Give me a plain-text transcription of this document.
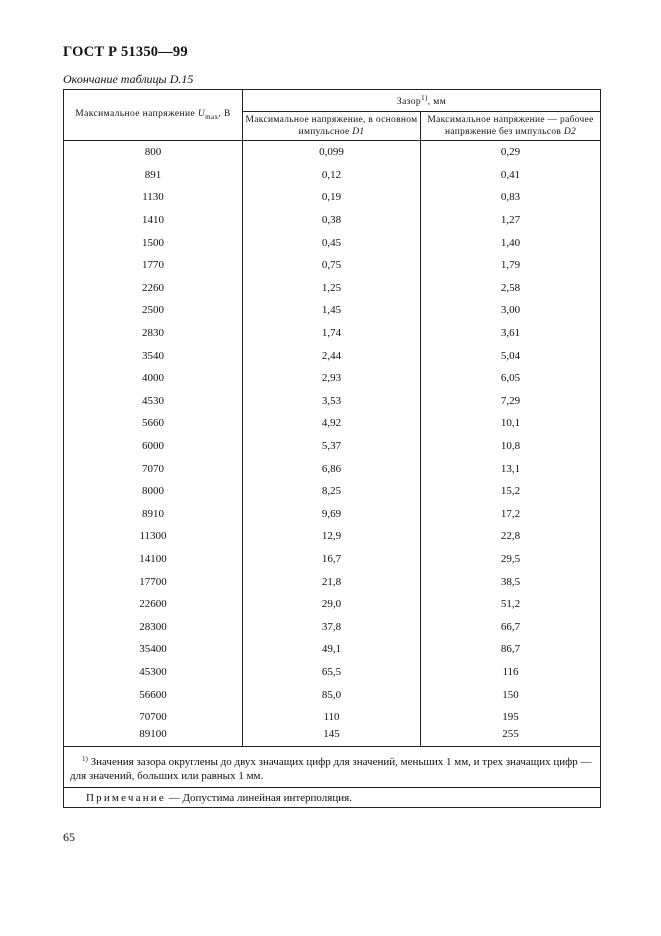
ГОСТ Р 51350—99
Окончание таблицы D.15
Максимальное напряжение $U_{max}$, В	Зазор$^{1)}$, мм	
	Максимальное напряжение, в основном импульсное D1	Максимальное напряжение — рабочее напряжение без импульсов D2
800	0,099	0,29
891	0,12	0,41
1130	0,19	0,83
1410	0,38	1,27
1500	0,45	1,40
1770	0,75	1,79
2260	1,25	2,58
2500	1,45	3,00
2830	1,74	3,61
3540	2,44	5,04
4000	2,93	6,05
4530	3,53	7,29
5660	4,92	10,1
6000	5,37	10,8
7070	6,86	13,1
8000	8,25	15,2
8910	9,69	17,2
11300	12,9	22,8
14100	16,7	29,5
17700	21,8	38,5
22600	29,0	51,2
28300	37,8	66,7
35400	49,1	86,7
45300	65,5	116
56600	85,0	150
70700	110	195
89100	145	255
$^{1)}$ Значения зазора округлены до двух значащих цифр для значений, меньших 1 мм, и трех значащих цифр — для значений, больших или равных 1 мм.		
Примечание — Допустима линейная интерполяция.		
65
